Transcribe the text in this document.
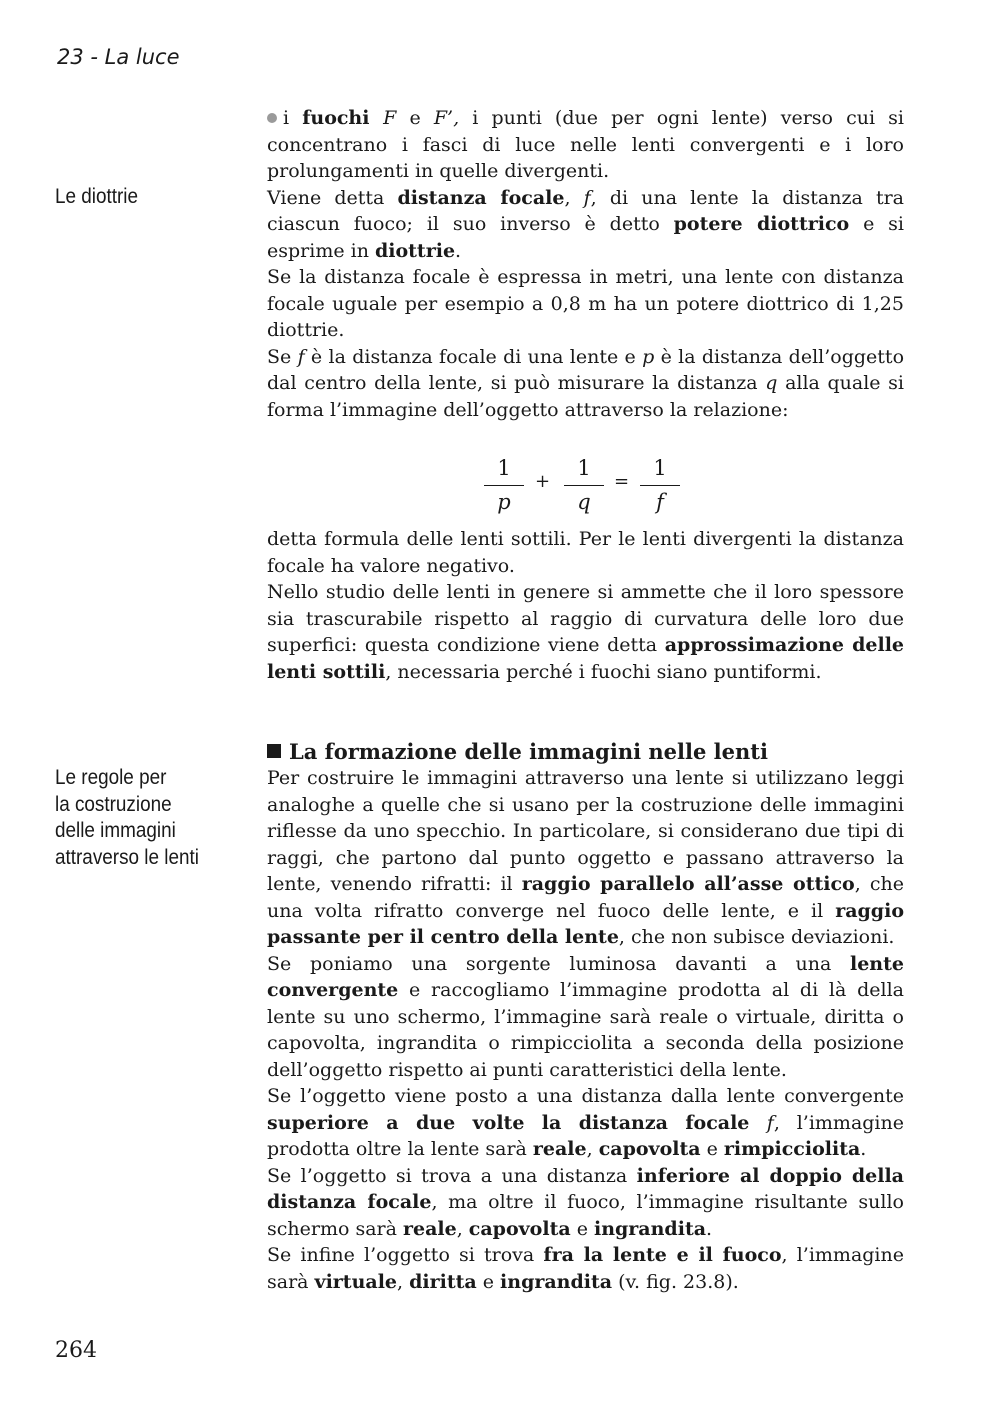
23 - La luce
Le diottrie
Le regole per
la costruzione
delle immagini
attraverso le lenti

i fuochi F e F’, i punti (due per ogni lente) verso cui si concentrano i fasci di luce nelle lenti convergenti e i loro prolungamenti in quelle divergenti.

Viene detta distanza focale, f, di una lente la distanza tra ciascun fuoco; il suo inverso è detto potere diottrico e si esprime in diottrie.

Se la distanza focale è espressa in metri, una lente con distanza focale uguale per esempio a 0,8 m ha un potere diottrico di 1,25 diottrie.

Se f è la distanza focale di una lente e p è la distanza dell’oggetto dal centro della lente, si può misurare la distanza q alla quale si forma l’immagine dell’oggetto attraverso la relazione:

1
p
+
1
q
=
1
f

detta formula delle lenti sottili. Per le lenti divergenti la distanza focale ha valore negativo.

Nello studio delle lenti in genere si ammette che il loro spessore sia trascurabile rispetto al raggio di curvatura delle loro due superfici: questa condizione viene detta approssimazione delle lenti sottili, necessaria perché i fuochi siano puntiformi.

La formazione delle immagini nelle lenti

Per costruire le immagini attraverso una lente si utilizzano leggi analoghe a quelle che si usano per la costruzione delle immagini riflesse da uno specchio. In particolare, si considerano due tipi di raggi, che partono dal punto oggetto e passano attraverso la lente, venendo rifratti: il raggio parallelo all’asse ottico, che una volta rifratto converge nel fuoco delle lente, e il raggio passante per il centro della lente, che non subisce deviazioni.

Se poniamo una sorgente luminosa davanti a una lente convergente e raccogliamo l’immagine prodotta al di là della lente su uno schermo, l’immagine sarà reale o virtuale, diritta o capovolta, ingrandita o rimpicciolita a seconda della posizione dell’oggetto rispetto ai punti caratteristici della lente.

Se l’oggetto viene posto a una distanza dalla lente convergente superiore a due volte la distanza focale f, l’immagine prodotta oltre la lente sarà reale, capovolta e rimpicciolita.

Se l’oggetto si trova a una distanza inferiore al doppio della distanza focale, ma oltre il fuoco, l’immagine risultante sullo schermo sarà reale, capovolta e ingrandita.

Se infine l’oggetto si trova fra la lente e il fuoco, l’immagine sarà virtuale, diritta e ingrandita (v. fig. 23.8).

264
